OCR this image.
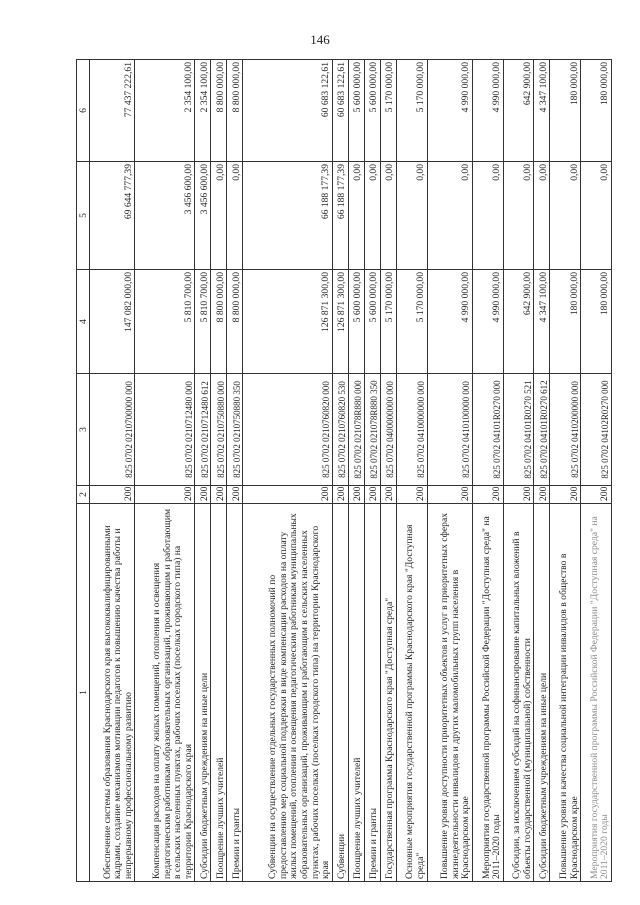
146
1	2	3	4	5	6
Обеспечение системы образования Краснодарского края высококвалифицированными кадрами, создание механизмов мотивации педагогов к повышению качества работы и непрерывному профессиональному развитию	200	825 0702 0210700000 000	147 082 000,00	69 644 777,39	77 437 222,61
Компенсация расходов на оплату жилых помещений, отопления и освещения педагогическим работникам образовательных организаций, проживающим и работающим в сельских населенных пунктах, рабочих поселках (поселках городского типа) на территории Краснодарского края	200	825 0702 0210712480 000	5 810 700,00	3 456 600,00	2 354 100,00
Субсидии бюджетным учреждениям на иные цели	200	825 0702 0210712480 612	5 810 700,00	3 456 600,00	2 354 100,00
Поощрение лучших учителей	200	825 0702 0210750880 000	8 800 000,00	0,00	8 800 000,00
Премии и гранты	200	825 0702 0210750880 350	8 800 000,00	0,00	8 800 000,00
Субвенции на осуществление отдельных государственных полномочий по предоставлению мер социальной поддержки в виде компенсации расходов на оплату жилых помещений, отопления и освещения педагогическим работникам муниципальных образовательных организаций, проживающим и работающим в сельских населенных пунктах, рабочих поселках (поселках городского типа) на территории Краснодарского края	200	825 0702 0210760820 000	126 871 300,00	66 188 177,39	60 683 122,61
Субвенции	200	825 0702 0210760820 530	126 871 300,00	66 188 177,39	60 683 122,61
Поощрение лучших учителей	200	825 0702 021078R880 000	5 600 000,00	0,00	5 600 000,00
Премии и гранты	200	825 0702 021078R880 350	5 600 000,00	0,00	5 600 000,00
Государственная программа Краснодарского края "Доступная среда"	200	825 0702 0400000000 000	5 170 000,00	0,00	5 170 000,00
Основные мероприятия государственной программы Краснодарского края "Доступная среда"	200	825 0702 0410000000 000	5 170 000,00	0,00	5 170 000,00
Повышение уровня доступности приоритетных объектов и услуг в приоритетных сферах жизнедеятельности инвалидов и других маломобильных групп населения в Краснодарском крае	200	825 0702 0410100000 000	4 990 000,00	0,00	4 990 000,00
Мероприятия государственной программы Российской Федерации "Доступная среда" на 2011–2020 годы	200	825 0702 04101R0270 000	4 990 000,00	0,00	4 990 000,00
Субсидии, за исключением субсидий на софинансирование капитальных вложений в объекты государственной (муниципальной) собственности	200	825 0702 04101R0270 521	642 900,00	0,00	642 900,00
Субсидии бюджетным учреждениям на иные цели	200	825 0702 04101R0270 612	4 347 100,00	0,00	4 347 100,00
Повышение уровня и качества социальной интеграции инвалидов в общество в Краснодарском крае	200	825 0702 0410200000 000	180 000,00	0,00	180 000,00
Мероприятия государственной программы Российской Федерации "Доступная среда" на 2011–2020 годы	200	825 0702 04102R0270 000	180 000,00	0,00	180 000,00
